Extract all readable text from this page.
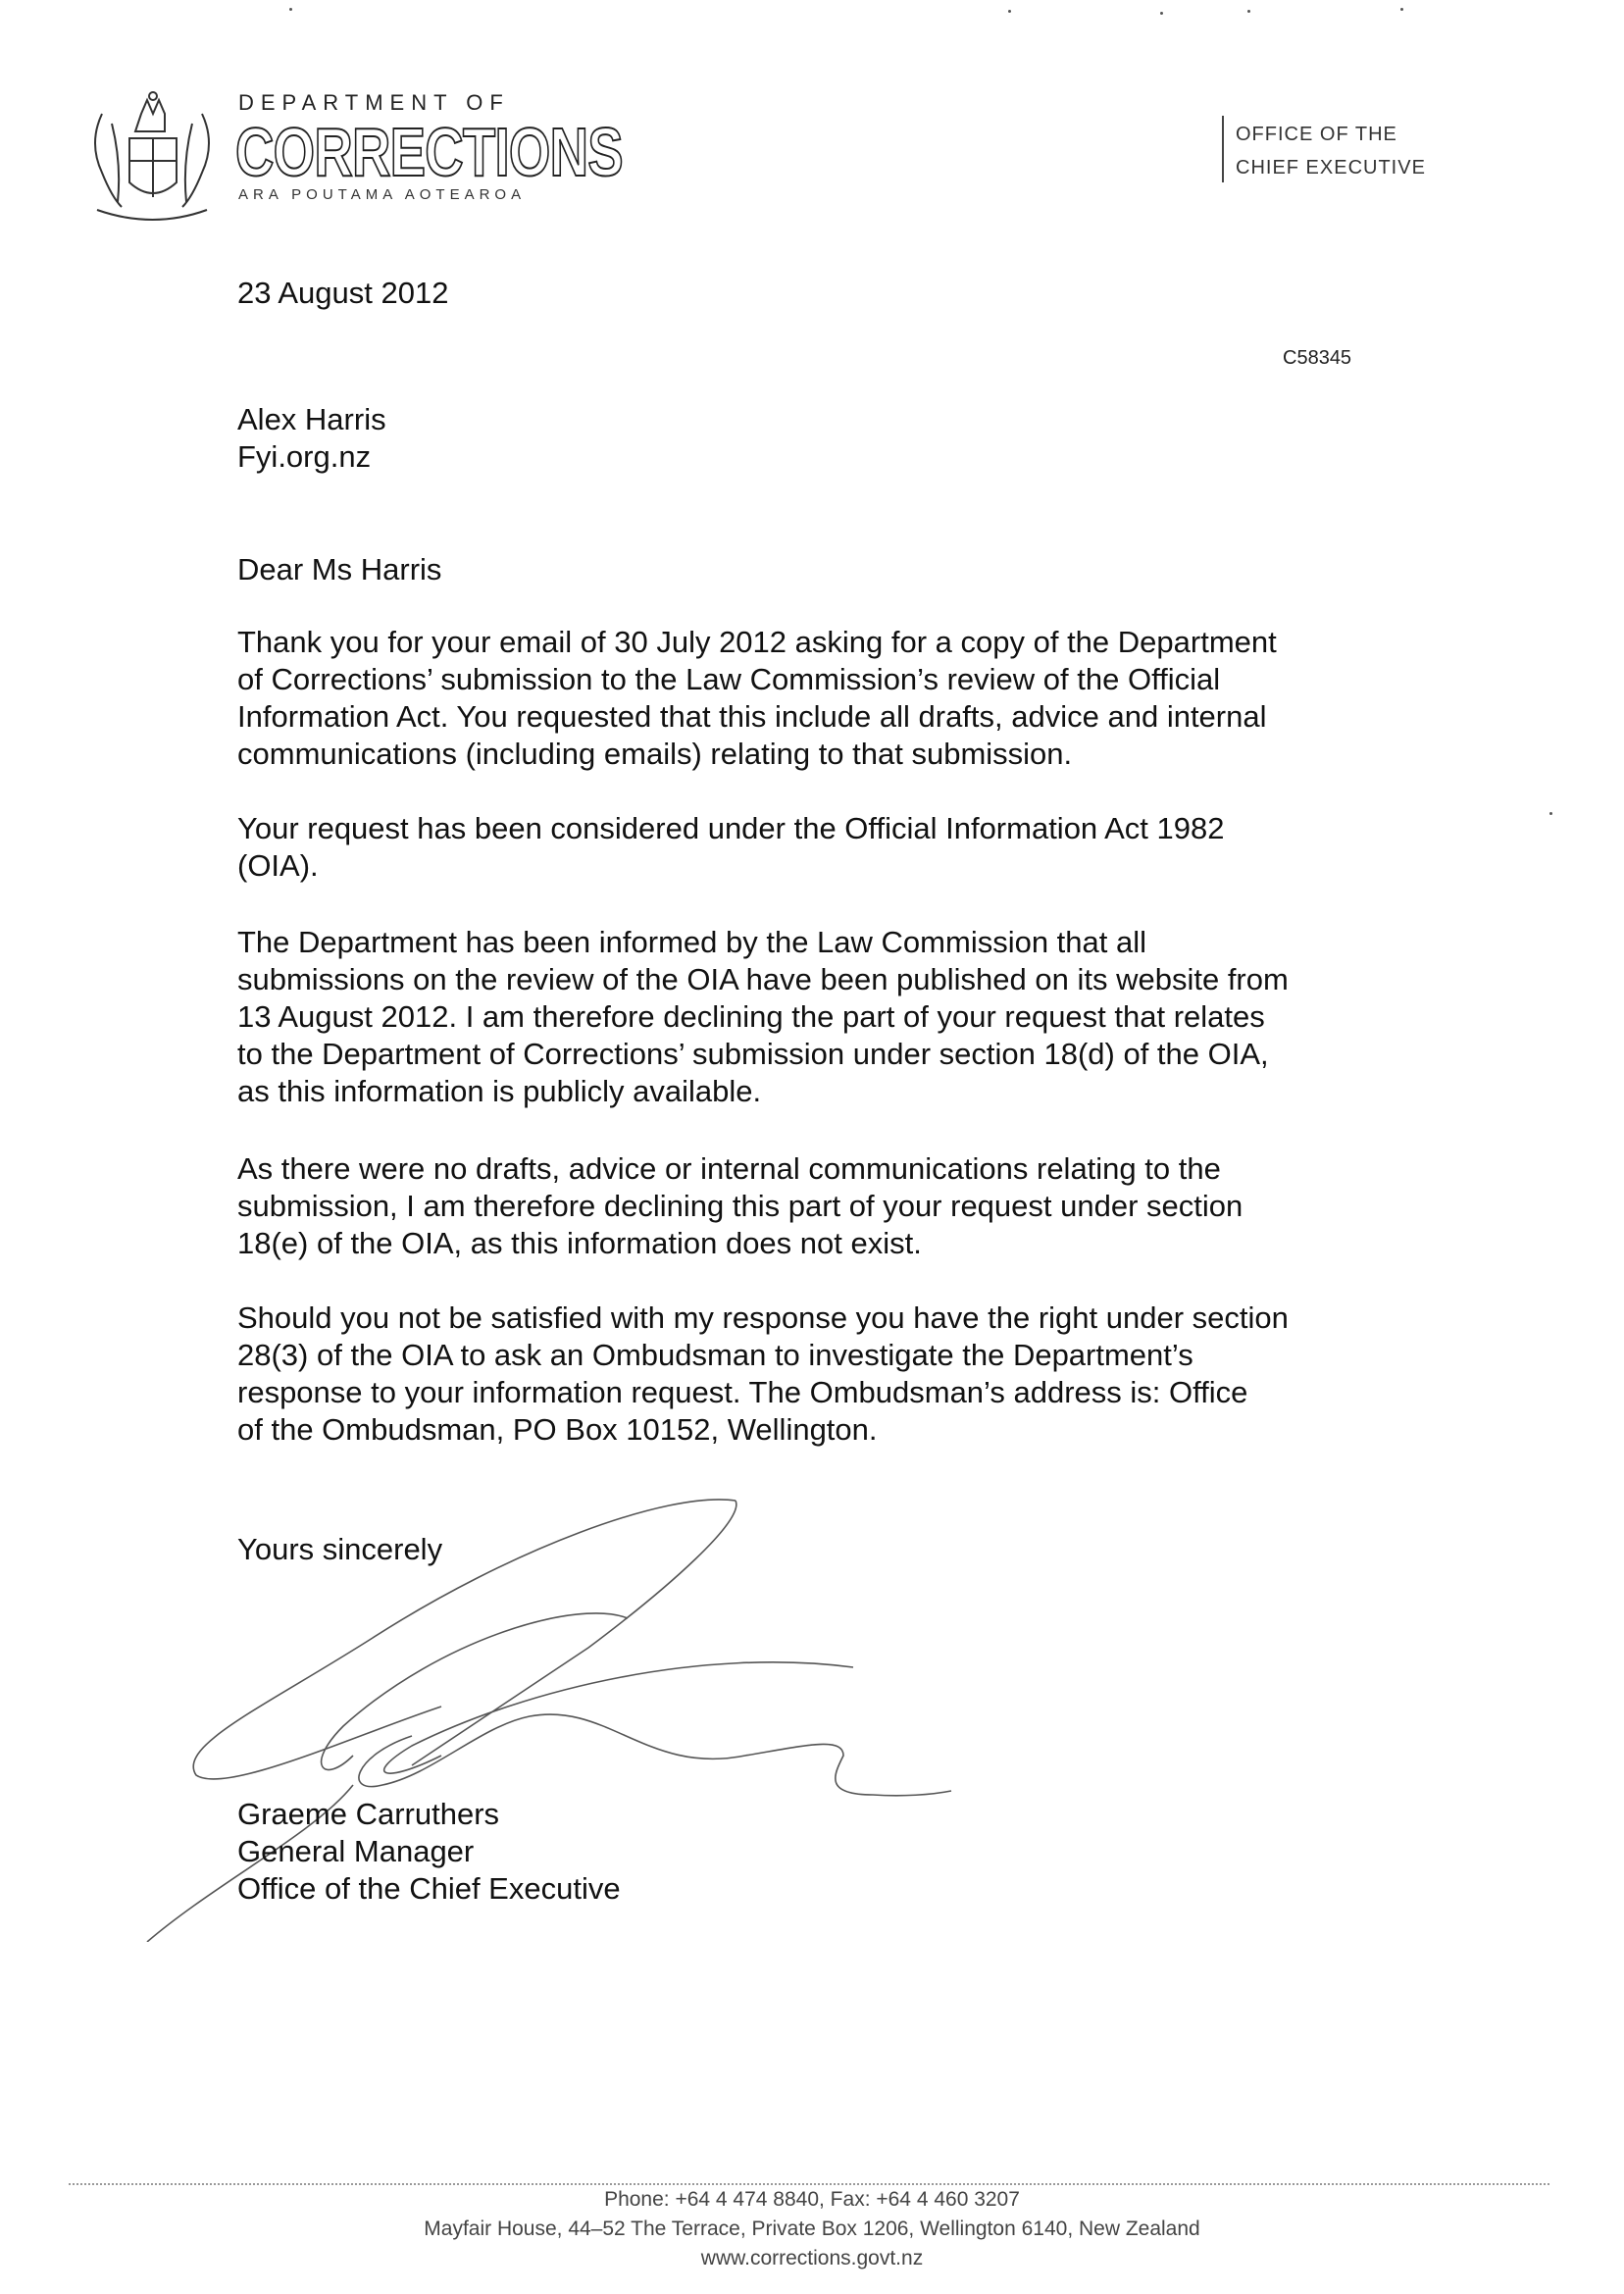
DEPARTMENT OF
CORRECTIONS
ARA POUTAMA AOTEAROA
OFFICE OF THE
CHIEF EXECUTIVE
23 August 2012
C58345
Alex Harris
Fyi.org.nz
Dear Ms Harris
Thank you for your email of 30 July 2012 asking for a copy of the Department
of Corrections’ submission to the Law Commission’s review of the Official
Information Act. You requested that this include all drafts, advice and internal
communications (including emails) relating to that submission.
Your request has been considered under the Official Information Act 1982
(OIA).
The Department has been informed by the Law Commission that all
submissions on the review of the OIA have been published on its website from
13 August 2012. I am therefore declining the part of your request that relates
to the Department of Corrections’ submission under section 18(d) of the OIA,
as this information is publicly available.
As there were no drafts, advice or internal communications relating to the
submission, I am therefore declining this part of your request under section
18(e) of the OIA, as this information does not exist.
Should you not be satisfied with my response you have the right under section
28(3) of the OIA to ask an Ombudsman to investigate the Department’s
response to your information request. The Ombudsman’s address is: Office
of the Ombudsman, PO Box 10152, Wellington.
Yours sincerely
Graeme Carruthers
General Manager
Office of the Chief Executive
Phone: +64 4 474 8840, Fax: +64 4 460 3207
Mayfair House, 44–52 The Terrace, Private Box 1206, Wellington 6140, New Zealand
www.corrections.govt.nz
